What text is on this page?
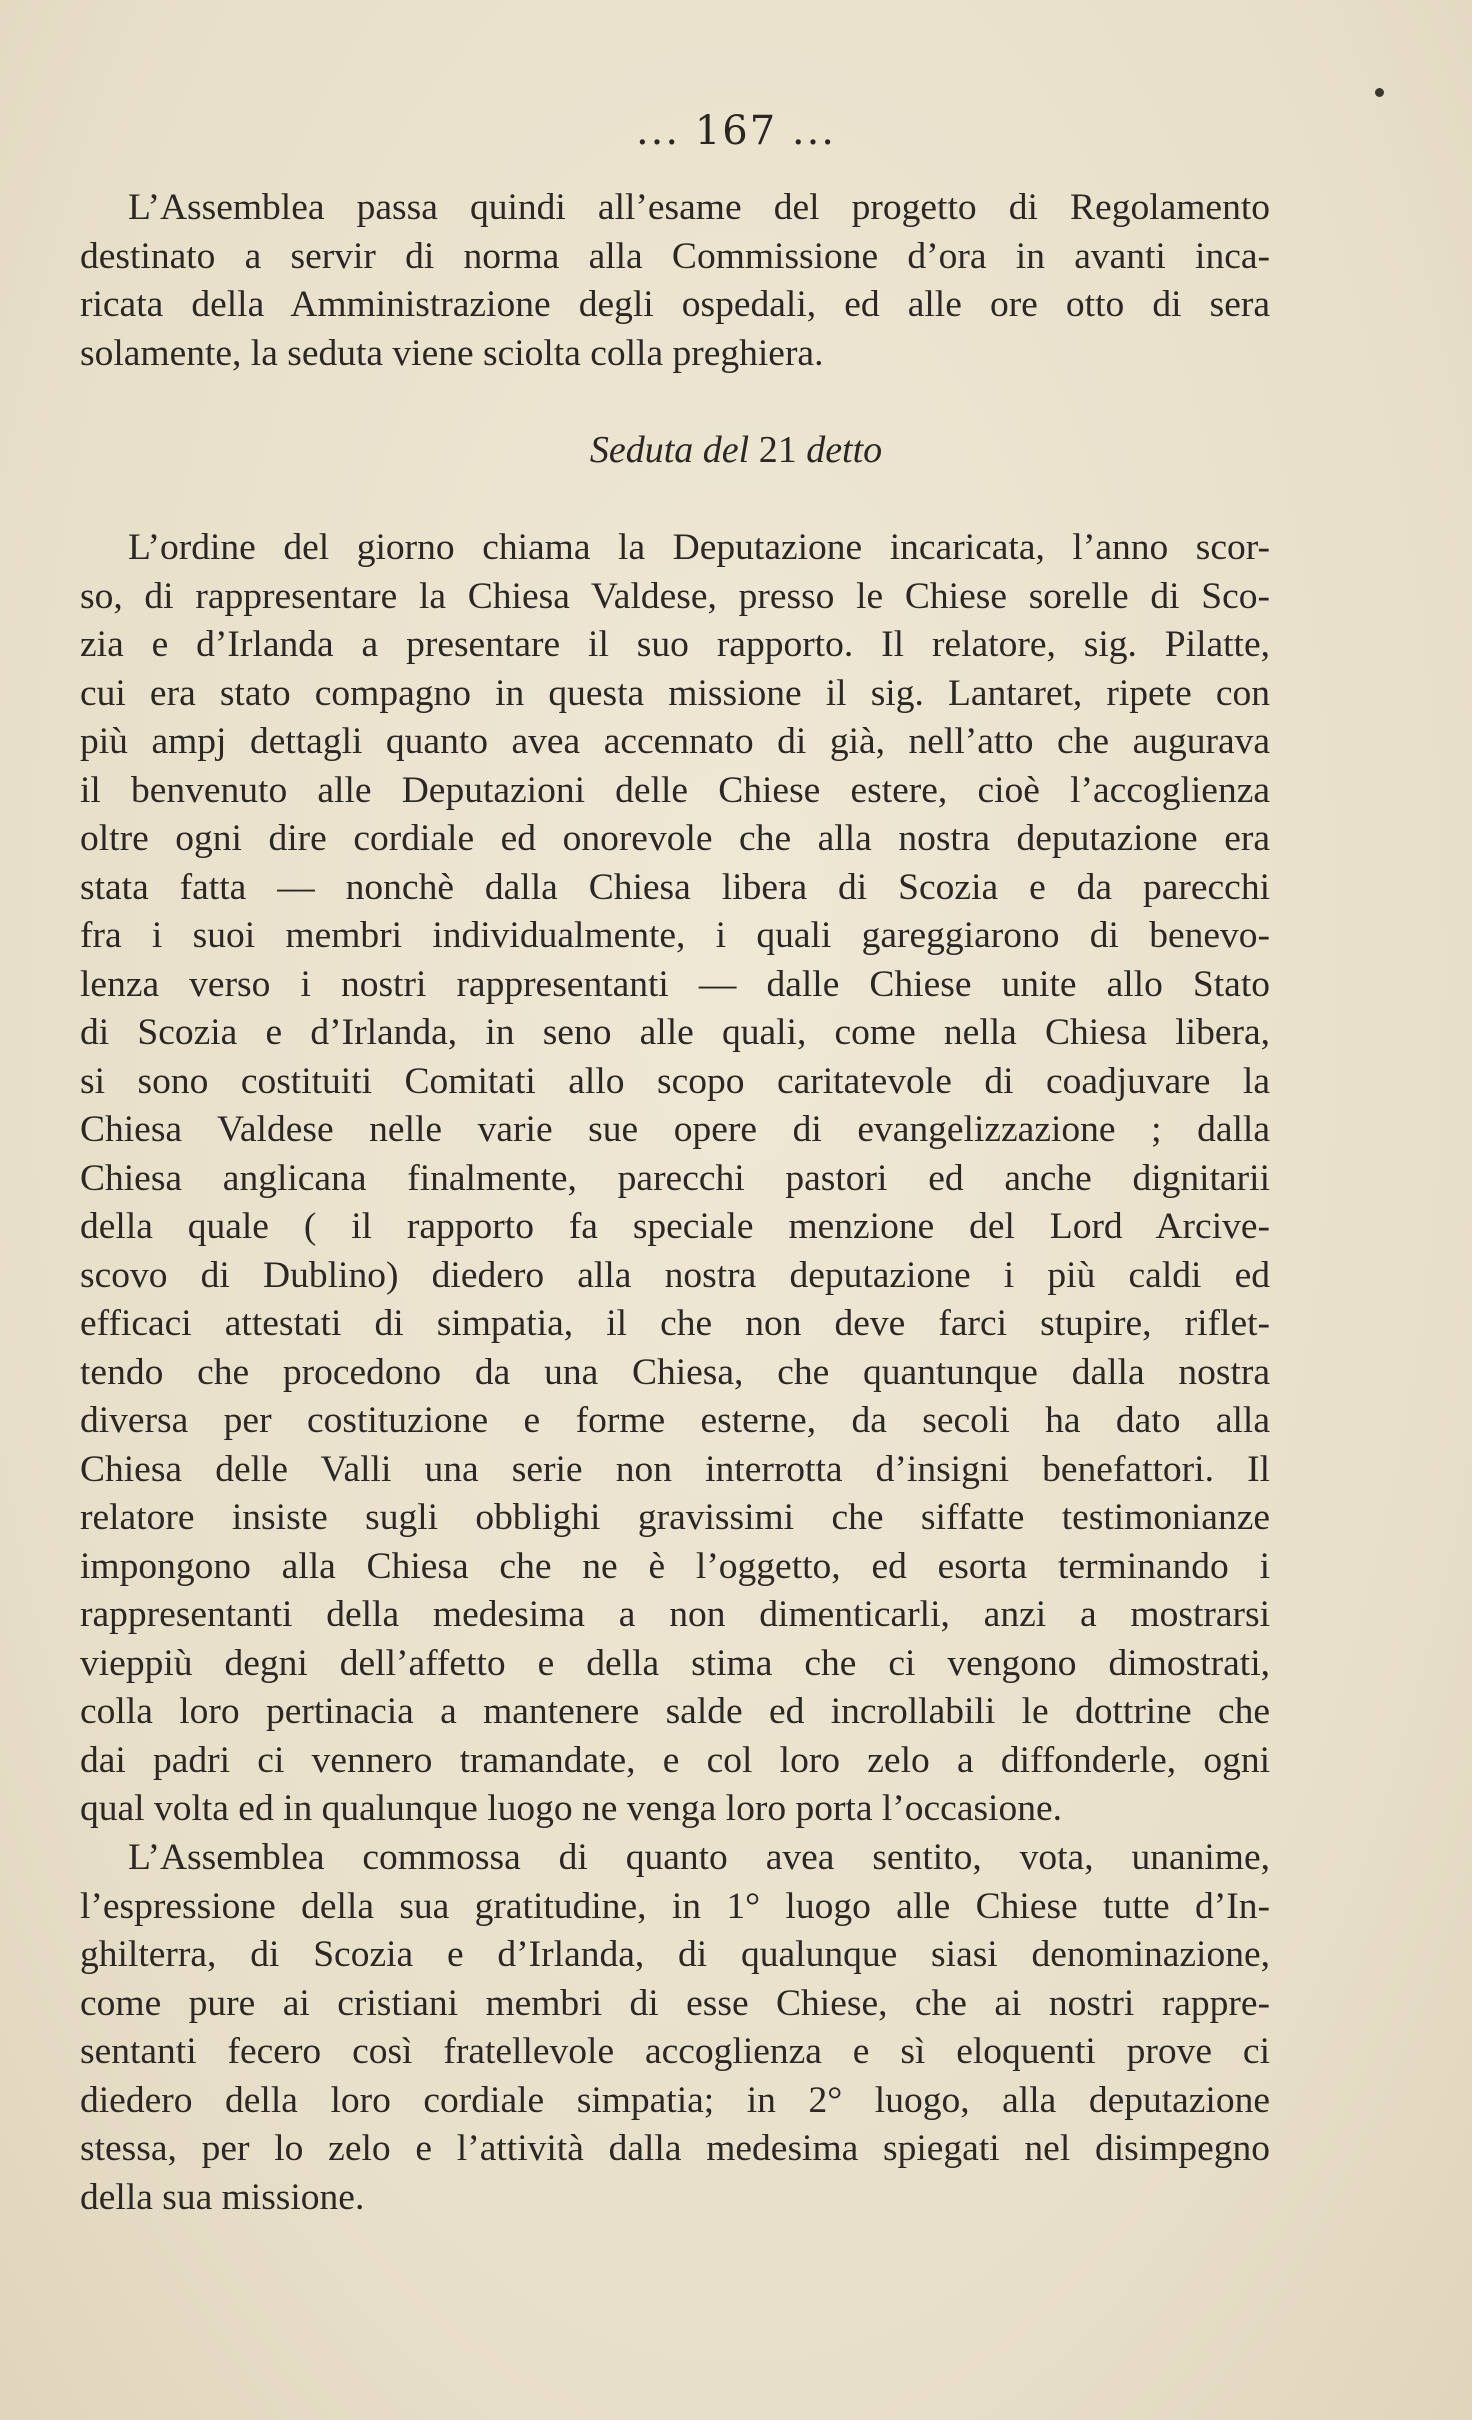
... 167 ...
L’Assemblea passa quindi all’esame del progetto di Regolamento
destinato a servir di norma alla Commissione d’ora in avanti inca-
ricata della Amministrazione degli ospedali, ed alle ore otto di sera
solamente, la seduta viene sciolta colla preghiera.
Seduta del 21 detto
L’ordine del giorno chiama la Deputazione incaricata, l’anno scor-
so, di rappresentare la Chiesa Valdese, presso le Chiese sorelle di Sco-
zia e d’Irlanda a presentare il suo rapporto. Il relatore, sig. Pilatte,
cui era stato compagno in questa missione il sig. Lantaret, ripete con
più ampj dettagli quanto avea accennato di già, nell’atto che augurava
il benvenuto alle Deputazioni delle Chiese estere, cioè l’accoglienza
oltre ogni dire cordiale ed onorevole che alla nostra deputazione era
stata fatta — nonchè dalla Chiesa libera di Scozia e da parecchi
fra i suoi membri individualmente, i quali gareggiarono di benevo-
lenza verso i nostri rappresentanti — dalle Chiese unite allo Stato
di Scozia e d’Irlanda, in seno alle quali, come nella Chiesa libera,
si sono costituiti Comitati allo scopo caritatevole di coadjuvare la
Chiesa Valdese nelle varie sue opere di evangelizzazione ; dalla
Chiesa anglicana finalmente, parecchi pastori ed anche dignitarii
della quale ( il rapporto fa speciale menzione del Lord Arcive-
scovo di Dublino) diedero alla nostra deputazione i più caldi ed
efficaci attestati di simpatia, il che non deve farci stupire, riflet-
tendo che procedono da una Chiesa, che quantunque dalla nostra
diversa per costituzione e forme esterne, da secoli ha dato alla
Chiesa delle Valli una serie non interrotta d’insigni benefattori. Il
relatore insiste sugli obblighi gravissimi che siffatte testimonianze
impongono alla Chiesa che ne è l’oggetto, ed esorta terminando i
rappresentanti della medesima a non dimenticarli, anzi a mostrarsi
vieppiù degni dell’affetto e della stima che ci vengono dimostrati,
colla loro pertinacia a mantenere salde ed incrollabili le dottrine che
dai padri ci vennero tramandate, e col loro zelo a diffonderle, ogni
qual volta ed in qualunque luogo ne venga loro porta l’occasione.
L’Assemblea commossa di quanto avea sentito, vota, unanime,
l’espressione della sua gratitudine, in 1° luogo alle Chiese tutte d’In-
ghilterra, di Scozia e d’Irlanda, di qualunque siasi denominazione,
come pure ai cristiani membri di esse Chiese, che ai nostri rappre-
sentanti fecero così fratellevole accoglienza e sì eloquenti prove ci
diedero della loro cordiale simpatia; in 2° luogo, alla deputazione
stessa, per lo zelo e l’attività dalla medesima spiegati nel disimpegno
della sua missione.
